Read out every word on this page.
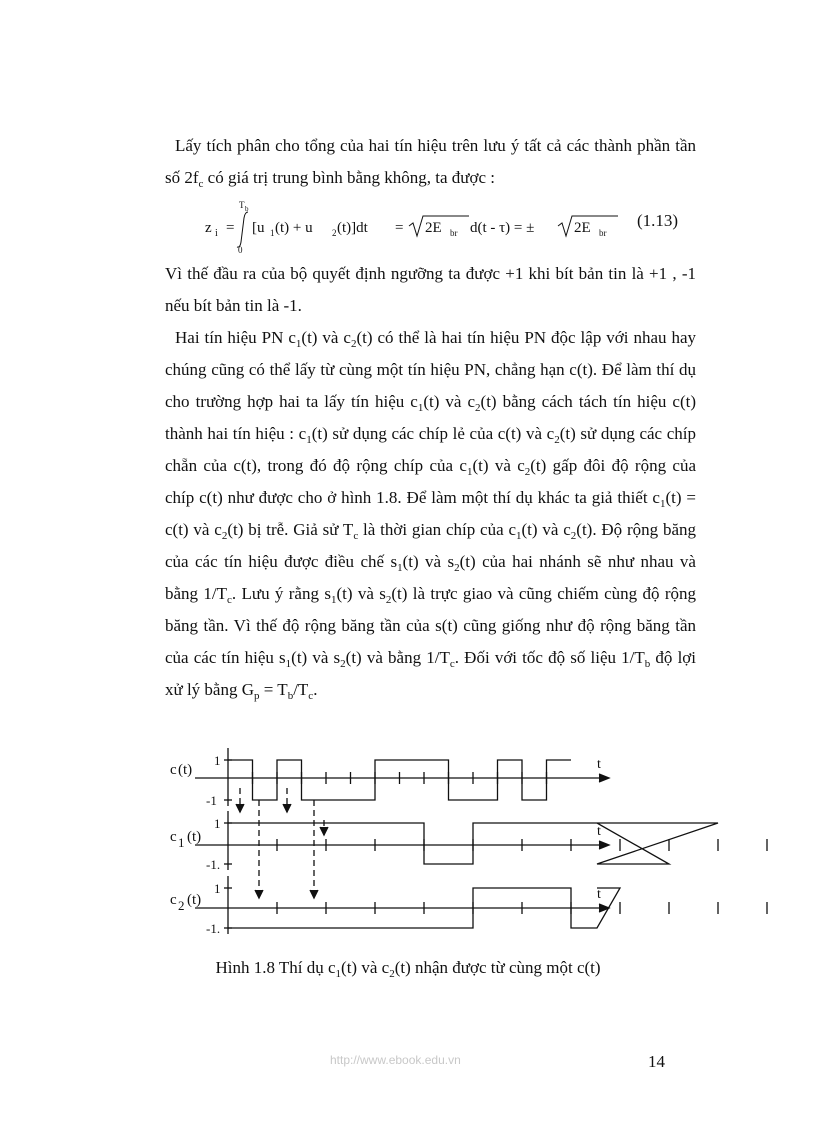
Lấy tích phân cho tổng của hai tín hiệu trên lưu ý tất cả các thành phần tần số $2f_c$ có giá trị trung bình bằng không, ta được :
z i =
T b
0
[u 1 (t) + u 2 (t)]dt = 2E br d(t - τ) = ±	2E br
(1.13)
Vì thế đầu ra của bộ quyết định ngưỡng ta được +1 khi bít bản tin là +1 , -1 nếu bít bản tin là -1.
Hai tín hiệu PN $c_1(t)$ và $c_2(t)$ có thể là hai tín hiệu PN độc lập với nhau hay chúng cũng có thể lấy từ cùng một tín hiệu PN, chẳng hạn c(t). Để làm thí dụ cho trường hợp hai ta lấy tín hiệu $c_1(t)$ và $c_2(t)$ bằng cách tách tín hiệu c(t) thành hai tín hiệu : $c_1(t)$ sử dụng các chíp lẻ của c(t) và $c_2(t)$ sử dụng các chíp chẵn của c(t), trong đó độ rộng chíp của $c_1(t)$ và $c_2(t)$ gấp đôi độ rộng của chíp c(t) như được cho ở hình 1.8. Để làm một thí dụ khác ta giả thiết $c_1(t) = c(t)$ và $c_2(t)$ bị trễ. Giả sử $T_c$ là thời gian chíp của $c_1(t)$ và $c_2(t)$. Độ rộng băng của các tín hiệu được điều chế $s_1(t)$ và $s_2(t)$ của hai nhánh sẽ như nhau và bằng $1/T_c$. Lưu ý rằng $s_1(t)$ và $s_2(t)$ là trực giao và cũng chiếm cùng độ rộng băng tần. Vì thế độ rộng băng tần của s(t) cũng giống như độ rộng băng tần của các tín hiệu $s_1(t)$ và $s_2(t)$ và bằng $1/T_c$. Đối với tốc độ số liệu $1/T_b$ độ lợi xử lý bằng $G_p = T_b/T_c$.
c (t)
1
-1
t
c 1 (t)
1
-1.
t
c 2 (t)
1
-1.
t
Hình 1.8 Thí dụ $c_1(t)$ và $c_2(t)$ nhận được từ cùng một c(t)
http://www.ebook.edu.vn	14
